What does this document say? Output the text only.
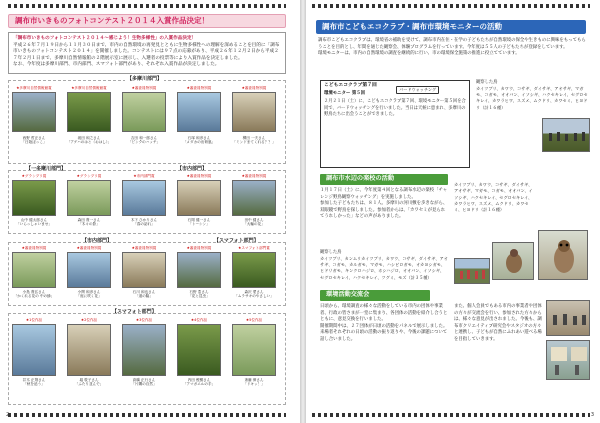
調布市いきものフォトコンテスト２０１４入賞作品決定！
「調布市いきものフォトコンテスト２０１４～感じよう！生物多様性」の入賞作品決定！
平成２６年７月１９日から１１月３０日まで、市内の自然環境の再発見とともに生物多様性への理解を深めることを目的に「調布市いきものフォトコンテスト２０１４」を開催しました。コンテストには９７点の応募があり、平成２６年１２月２日から平成２７年２月１日まで、多摩川自然情報館の２階展示室に展示し、入選者の投票等により入賞作品を決定しました。
なお、今年度は多摩川部門、市内部門、スマフォト部門があり、それぞれ入賞作品が決定しました。
【多摩川部門】
【一多摩川部門】	【市内部門】
【市内部門】	【スマフォト部門】
【スマフォト部門】
2
★多摩川自然情報館賞
西野 哲正さん
「日陰ぼっこ」
★多摩川自然情報館賞
坂田 和之さん
「アゲハのはと（おはし）」
★審査員特別賞
吉田 和一郎さん
「ピンクのハッチ」
★審査員特別賞
石塚 和彦さん
「メダカの出荷風」
★審査員特別賞
柳田 一夫さん
「ミンドまてくれる？？」
★グランプリ賞
山中 健太郎さん
「いらっしゃいませ」
★グランプリ賞
森田 貴一さん
「木々の影」
★市内部門賞
木下 ひかりさん
「春の訪れ」
★審査員特別賞
石岡 健一さん
「トーシン」
★審査員特別賞
田中 健さん
「大輪の花」
★審査員特別賞
小島 貴弘さん
「かくれる花の 中の蜂」
★審査員特別賞
小関 和彦さん
「庭に咲く花」
★審査員特別賞
石川 和也さん
「道の脇」
★審査員特別賞
石野 豊さん
「花と昆虫」
★スマフォト部門賞
森沢 愛さん
「ムラサキのやさしい」
★1位作品
井木 正則さん
「秋を追う」
★2位作品
堀 敦子さん
「ふたり並んで」
★3位作品
高橋 正行さん
「片隅の自然」
★4位作品
内田 俊樹さん
「アマガエルの手」
★5位作品
斎藤 伸さん
「ドキッ！」
調布市こどもエコクラブ・調布市環境モニターの活動
調布市こどもエコクラブは、環境省の補助を受けて、調布市内在住・在学の子どもたちが自然環境の保全や生きものに興味をもってもらうことを目的とし、年間を通じた観察会、体験プログラムを行っています。今年度は５５人の子どもたちが登録をしています。
環境モニターは、市内の自然環境の調査を継続的に行い、市の環境保全施策の推進に役立てています。
こどもエコクラブ第７回
環境モニター 第５回
２月２１日（土）に、こどもエコクラブ第７回、環境モニター第５回を合同で、バードウォッチングを行いました。当日は天候に恵まれ、多摩川の野鳥たちに出会うことができました。
バードウォッチング
観察した鳥
カイツブリ、カワウ、コサギ、ダイサギ、アオサギ、マガモ、コガモ、オオバン、イソシギ、ハクセキレイ、セグロセキレイ、カワラヒワ、スズメ、ムクドリ、カワセミ、ヒヨドリ（計１６種）
調布市水辺の楽校の活動
１月１７日（土）に、今年度第４回となる調布水辺の楽校「チャレンジ野鳥観察ウォッチング」を実施しました。
参加した子どもたちは、８１人。多摩川の河川敷を歩きながら、双眼鏡で野鳥を探しました。参加者からは、「カワセミが見られてうれしかった」などの声がありました。
観察した鳥
カイツブリ、カンムリカイツブリ、カワウ、コサギ、ダイサギ、アオサギ、コガモ、カルガモ、マガモ、ハシビロガモ、オカヨシガモ、ヒドリガモ、キンクロハジロ、ホシハジロ、オオバン、イソシギ、セグロセキレイ、ハクセキレイ、ツグミ、モズ（計３５種）
カイツブリ、カワウ、コサギ、ダイサギ、アオサギ、マガモ、コガモ、オオバン、イソシギ、ハクセキレイ、セグロセキレイ、カワラヒワ、スズメ、ムクドリ、カワセミ、ヒヨドリ（計１６種）
環境活動交流会
日頃から、環境調査の様々な活動をしている市内の団体や事業者、行政の皆さまが一堂に集まり、各団体の活動を紹介し合うとともに、意見交換を行いました。
開催期間中は、２７団体が日頃の活動をパネルで展示しました。来場者それぞれの日頃の活動の振り返りや、今後の課題について話し合いました。
また、個人会員でもある市内の事業者や団体の方々が交流会を行い、参加された方々からは、様々な意見が出されました。今後も、調布市クリエイティブ研究会やスタジオの方々と連携し、子どもが自然にふれあい遊べる場を目指していきます。
3
